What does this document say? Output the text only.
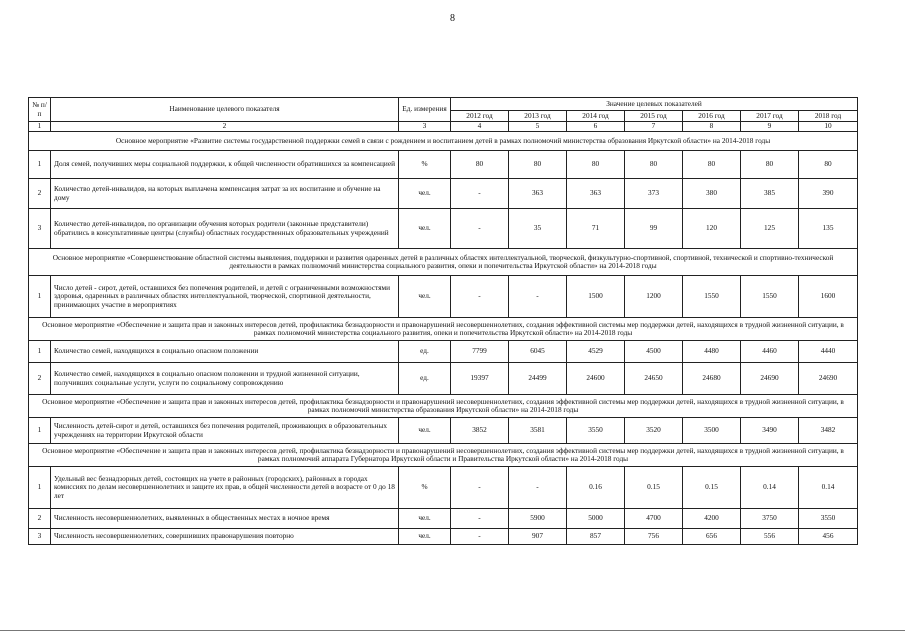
8
№ п/п	Наименование целевого показателя	Ед. измерения	Значение целевых показателей						
			2012 год	2013 год	2014 год	2015 год	2016 год	2017 год	2018 год
1	2	3	4	5	6	7	8	9	10
Основное мероприятие «Развитие системы государственной поддержки семей в связи с рождением и воспитанием детей в рамках полномочий министерства образования Иркутской области» на 2014-2018 годы									
1	Доля семей, получивших меры социальной поддержки, к общей численности обратившихся за компенсацией	%	80	80	80	80	80	80	80
2	Количество детей-инвалидов, на которых выплачена компенсация затрат за их воспитание и обучение на дому	чел.	-	363	363	373	380	385	390
3	Количество детей-инвалидов, по организации обучения которых родители (законные представители) обратились в консультативные центры (службы) областных государственных образовательных учреждений	чел.	-	35	71	99	120	125	135
Основное мероприятие «Совершенствование областной системы выявления, поддержки и развития одаренных детей в различных областях интеллектуальной, творческой, физкультурно-спортивной, спортивной, технической и спортивно-технической деятельности в рамках полномочий министерства социального развития, опеки и попечительства Иркутской области» на 2014-2018 годы									
1	Число детей - сирот, детей, оставшихся без попечения родителей, и детей с ограниченными возможностями здоровья, одаренных в различных областях интеллектуальной, творческой, спортивной деятельности, принимающих участие в мероприятиях	чел.	-	-	1500	1200	1550	1550	1600
Основное мероприятие «Обеспечение и защита прав и законных интересов детей, профилактика безнадзорности и правонарушений несовершеннолетних, создания эффективной системы мер поддержки детей, находящихся в трудной жизненной ситуации, в рамках полномочий министерства социального развития, опеки и попечительства Иркутской области» на 2014-2018 годы									
1	Количество семей, находящихся в социально опасном положении	ед.	7799	6045	4529	4500	4480	4460	4440
2	Количество семей, находящихся в социально опасном положении и трудной жизненной ситуации, получивших социальные услуги, услуги по социальному сопровождению	ед.	19397	24499	24600	24650	24680	24690	24690
Основное мероприятие «Обеспечение и защита прав и законных интересов детей, профилактика безнадзорности и правонарушений несовершеннолетних, создания эффективной системы мер поддержки детей, находящихся в трудной жизненной ситуации, в рамках полномочий министерства образования Иркутской области» на 2014-2018 годы									
1	Численность детей-сирот и детей, оставшихся без попечения родителей, проживающих в образовательных учреждениях на территории Иркутской области	чел.	3852	3581	3550	3520	3500	3490	3482
Основное мероприятие «Обеспечение и защита прав и законных интересов детей, профилактика безнадзорности и правонарушений несовершеннолетних, создания эффективной системы мер поддержки детей, находящихся в трудной жизненной ситуации, в рамках полномочий аппарата Губернатора Иркутской области и Правительства Иркутской области» на 2014-2018 годы									
1	Удельный вес безнадзорных детей, состоящих на учете в районных (городских), районных в городах комиссиях по делам несовершеннолетних и защите их прав, в общей численности детей в возрасте от 0 до 18 лет	%	-	-	0.16	0.15	0.15	0.14	0.14
2	Численность несовершеннолетних, выявленных в общественных местах в ночное время	чел.	-	5900	5000	4700	4200	3750	3550
3	Численность несовершеннолетних, совершивших правонарушения повторно	чел.	-	907	857	756	656	556	456
